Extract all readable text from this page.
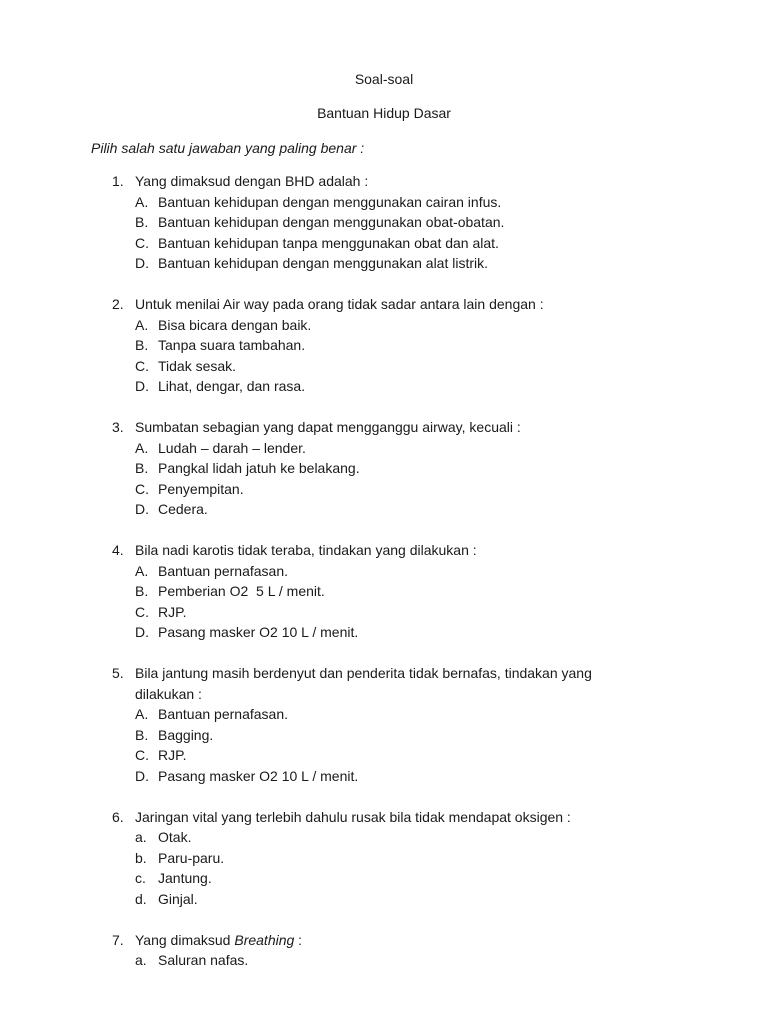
Soal-soal
Bantuan Hidup Dasar
Pilih salah satu jawaban yang paling benar :
1. Yang dimaksud dengan BHD adalah :
A. Bantuan kehidupan dengan menggunakan cairan infus.
B. Bantuan kehidupan dengan menggunakan obat-obatan.
C. Bantuan kehidupan tanpa menggunakan obat dan alat.
D. Bantuan kehidupan dengan menggunakan alat listrik.
2. Untuk menilai Air way pada orang tidak sadar antara lain dengan :
A. Bisa bicara dengan baik.
B. Tanpa suara tambahan.
C. Tidak sesak.
D. Lihat, dengar, dan rasa.
3. Sumbatan sebagian yang dapat mengganggu airway, kecuali :
A. Ludah – darah – lender.
B. Pangkal lidah jatuh ke belakang.
C. Penyempitan.
D. Cedera.
4. Bila nadi karotis tidak teraba, tindakan yang dilakukan :
A. Bantuan pernafasan.
B. Pemberian O2  5 L / menit.
C. RJP.
D. Pasang masker O2 10 L / menit.
5. Bila jantung masih berdenyut dan penderita tidak bernafas, tindakan yang dilakukan :
A. Bantuan pernafasan.
B. Bagging.
C. RJP.
D. Pasang masker O2 10 L / menit.
6. Jaringan vital yang terlebih dahulu rusak bila tidak mendapat oksigen :
a. Otak.
b. Paru-paru.
c. Jantung.
d. Ginjal.
7. Yang dimaksud Breathing :
a. Saluran nafas.
